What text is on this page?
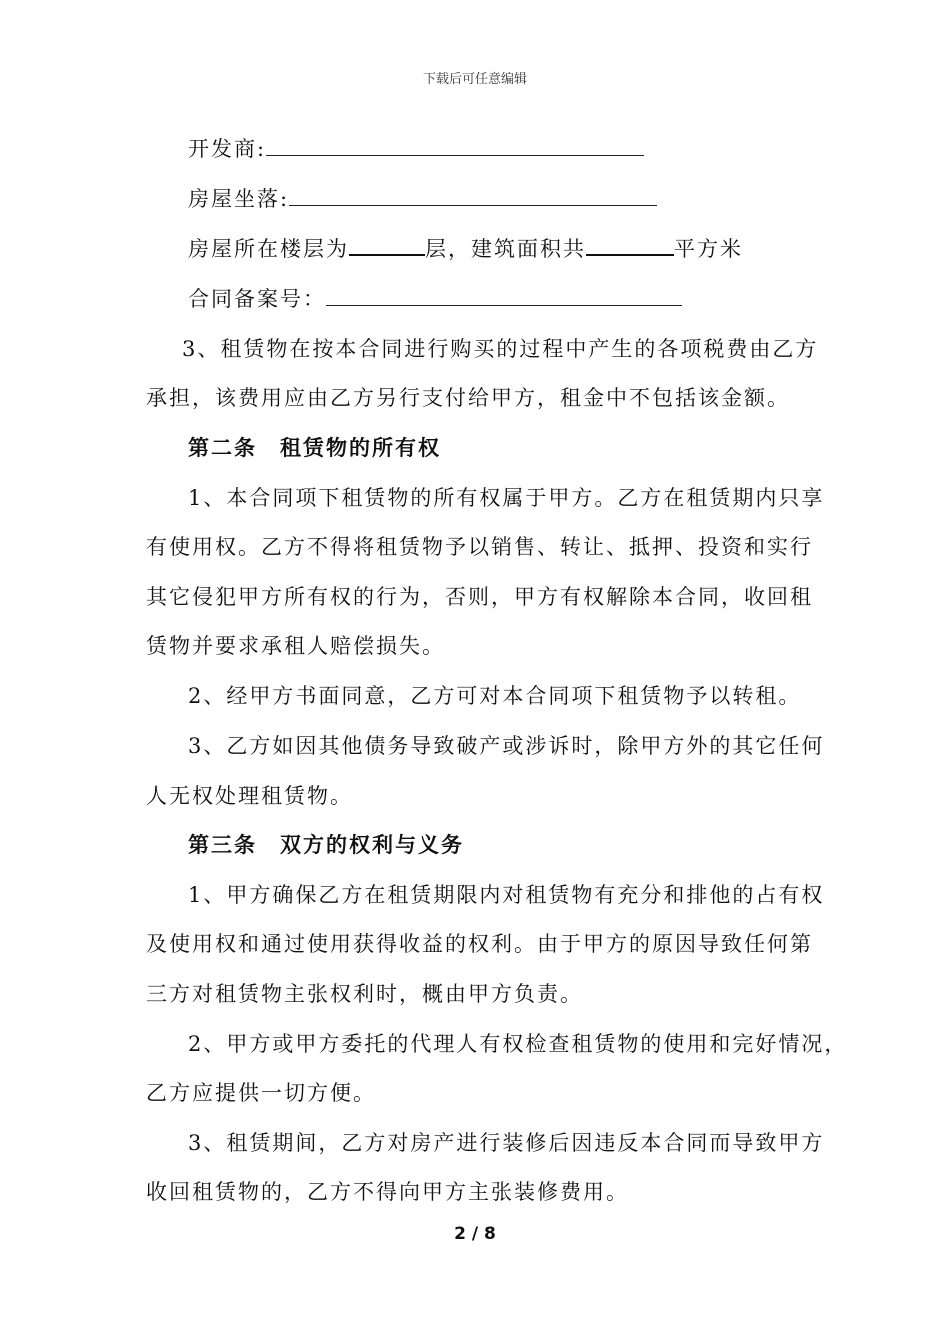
下载后可任意编辑
开发商:
房屋坐落:
房屋所在楼层为	层，建筑面积共	平方米
合同备案号：
3、租赁物在按本合同进行购买的过程中产生的各项税费由乙方
承担，该费用应由乙方另行支付给甲方，租金中不包括该金额。
第二条　租赁物的所有权
1、本合同项下租赁物的所有权属于甲方。乙方在租赁期内只享
有使用权。乙方不得将租赁物予以销售、转让、抵押、投资和实行
其它侵犯甲方所有权的行为，否则，甲方有权解除本合同，收回租
赁物并要求承租人赔偿损失。
2、经甲方书面同意，乙方可对本合同项下租赁物予以转租。
3、乙方如因其他债务导致破产或涉诉时，除甲方外的其它任何
人无权处理租赁物。
第三条　双方的权利与义务
1、甲方确保乙方在租赁期限内对租赁物有充分和排他的占有权
及使用权和通过使用获得收益的权利。由于甲方的原因导致任何第
三方对租赁物主张权利时，概由甲方负责。
2、甲方或甲方委托的代理人有权检查租赁物的使用和完好情况，
乙方应提供一切方便。
3、租赁期间，乙方对房产进行装修后因违反本合同而导致甲方
收回租赁物的，乙方不得向甲方主张装修费用。
2 / 8
